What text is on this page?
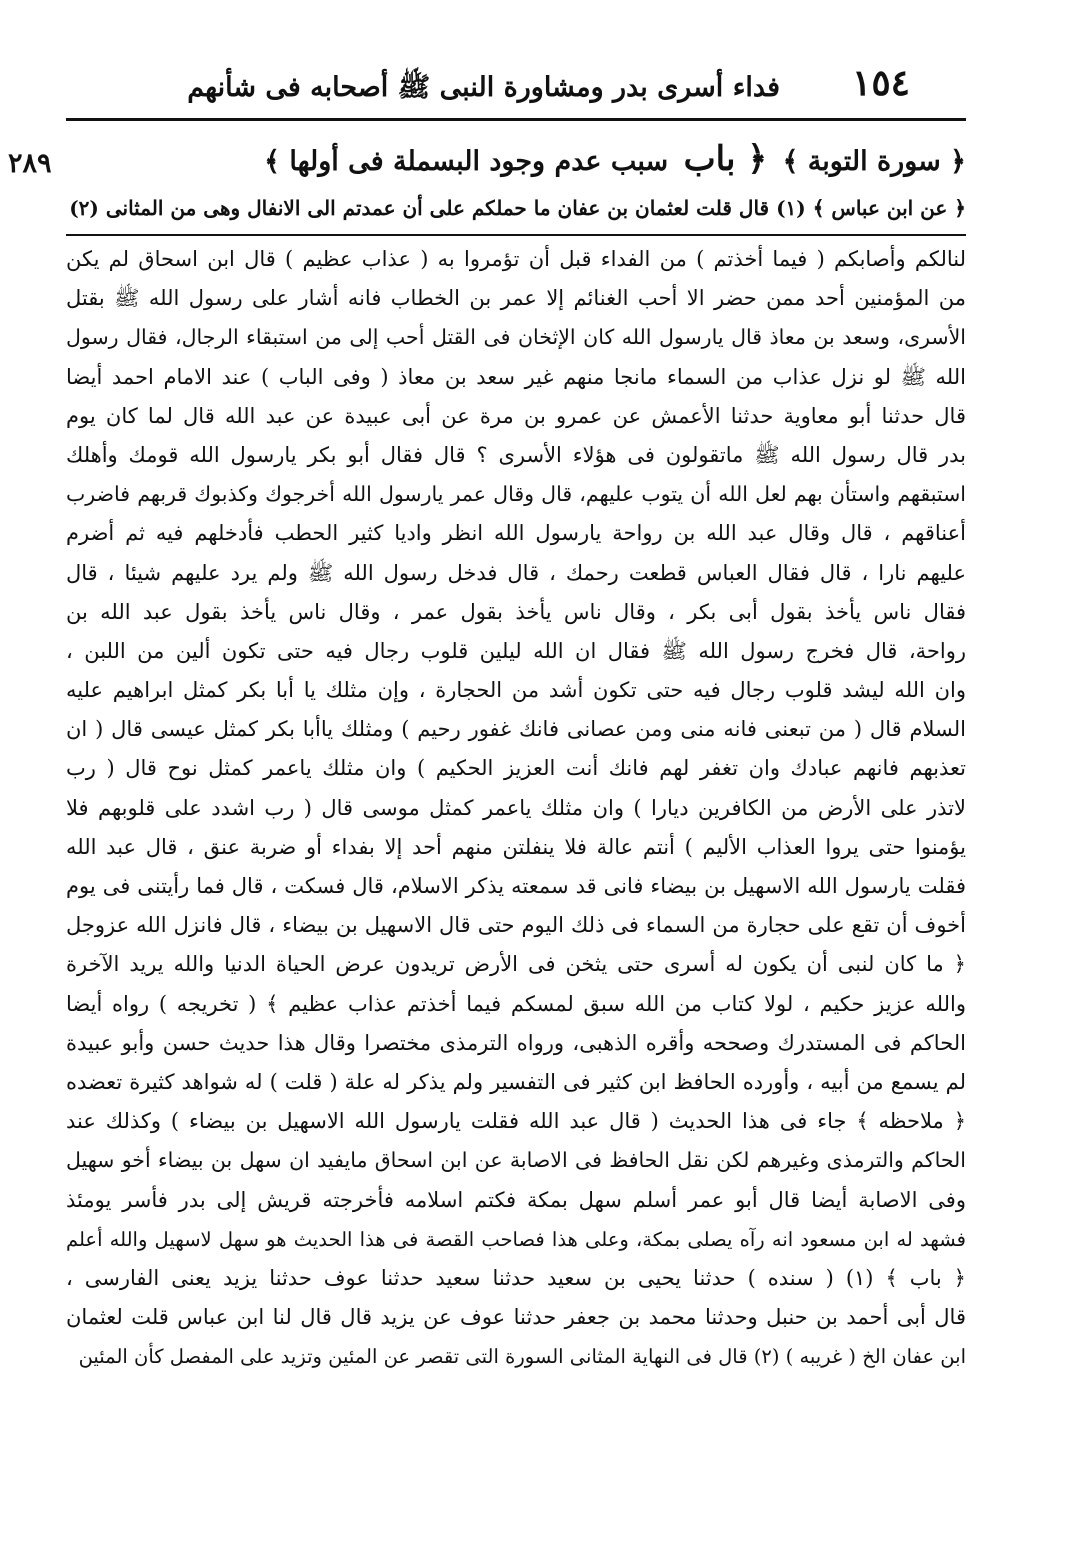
١٥٤
فداء أسرى بدر ومشاورة النبى ﷺ أصحابه فى شأنهم
٢٨٩	﴿ سورة التوبة ﴾ ﴿ باب سبب عدم وجود البسملة فى أولها ﴾
﴿ عن ابن عباس ﴾ (١) قال قلت لعثمان بن عفان ما حملكم على أن عمدتم الى الانفال وهى من المثانى (٢)
لنالكم وأصابكم ( فيما أخذتم ) من الفداء قبل أن تؤمروا به ( عذاب عظيم ) قال ابن اسحاق لم يكن
من المؤمنين أحد ممن حضر الا أحب الغنائم إلا عمر بن الخطاب فانه أشار على رسول الله ﷺ بقتل
الأسرى، وسعد بن معاذ قال يارسول الله كان الإثخان فى القتل أحب إلى من استبقاء الرجال، فقال رسول
الله ﷺ لو نزل عذاب من السماء مانجا منهم غير سعد بن معاذ ( وفى الباب ) عند الامام احمد أيضا
قال حدثنا أبو معاوية حدثنا الأعمش عن عمرو بن مرة عن أبى عبيدة عن عبد الله قال لما كان يوم
بدر قال رسول الله ﷺ ماتقولون فى هؤلاء الأسرى ؟ قال فقال أبو بكر يارسول الله قومك وأهلك
استبقهم واستأن بهم لعل الله أن يتوب عليهم، قال وقال عمر يارسول الله أخرجوك وكذبوك قربهم فاضرب
أعناقهم ، قال وقال عبد الله بن رواحة يارسول الله انظر واديا كثير الحطب فأدخلهم فيه ثم أضرم
عليهم نارا ، قال فقال العباس قطعت رحمك ، قال فدخل رسول الله ﷺ ولم يرد عليهم شيئا ، قال
فقال ناس يأخذ بقول أبى بكر ، وقال ناس يأخذ بقول عمر ، وقال ناس يأخذ بقول عبد الله بن
رواحة، قال فخرج رسول الله ﷺ فقال ان الله ليلين قلوب رجال فيه حتى تكون ألين من اللبن ،
وان الله ليشد قلوب رجال فيه حتى تكون أشد من الحجارة ، وإن مثلك يا أبا بكر كمثل ابراهيم عليه
السلام قال ( من تبعنى فانه منى ومن عصانى فانك غفور رحيم ) ومثلك ياأبا بكر كمثل عيسى قال ( ان
تعذبهم فانهم عبادك وان تغفر لهم فانك أنت العزيز الحكيم ) وان مثلك ياعمر كمثل نوح قال ( رب
لاتذر على الأرض من الكافرين ديارا ) وان مثلك ياعمر كمثل موسى قال ( رب اشدد على قلوبهم فلا
يؤمنوا حتى يروا العذاب الأليم ) أنتم عالة فلا ينفلتن منهم أحد إلا بفداء أو ضربة عنق ، قال عبد الله
فقلت يارسول الله الاسهيل بن بيضاء فانى قد سمعته يذكر الاسلام، قال فسكت ، قال فما رأيتنى فى يوم
أخوف أن تقع على حجارة من السماء فى ذلك اليوم حتى قال الاسهيل بن بيضاء ، قال فانزل الله عزوجل
﴿ ما كان لنبى أن يكون له أسرى حتى يثخن فى الأرض تريدون عرض الحياة الدنيا والله يريد الآخرة
والله عزيز حكيم ، لولا كتاب من الله سبق لمسكم فيما أخذتم عذاب عظيم ﴾ ( تخريجه ) رواه أيضا
الحاكم فى المستدرك وصححه وأقره الذهبى، ورواه الترمذى مختصرا وقال هذا حديث حسن وأبو عبيدة
لم يسمع من أبيه ، وأورده الحافظ ابن كثير فى التفسير ولم يذكر له علة ( قلت ) له شواهد كثيرة تعضده
﴿ ملاحظه ﴾ جاء فى هذا الحديث ( قال عبد الله فقلت يارسول الله الاسهيل بن بيضاء ) وكذلك عند
الحاكم والترمذى وغيرهم لكن نقل الحافظ فى الاصابة عن ابن اسحاق مايفيد ان سهل بن بيضاء أخو سهيل
وفى الاصابة أيضا قال أبو عمر أسلم سهل بمكة فكتم اسلامه فأخرجته قريش إلى بدر فأسر يومئذ
فشهد له ابن مسعود انه رآه يصلى بمكة، وعلى هذا فصاحب القصة فى هذا الحديث هو سهل لاسهيل والله أعلم
﴿ باب ﴾ (١) ( سنده ) حدثنا يحيى بن سعيد حدثنا سعيد حدثنا عوف حدثنا يزيد يعنى الفارسى ،
قال أبى أحمد بن حنبل وحدثنا محمد بن جعفر حدثنا عوف عن يزيد قال قال لنا ابن عباس قلت لعثمان
ابن عفان الخ ( غريبه ) (٢) قال فى النهاية المثانى السورة التى تقصر عن المئين وتزيد على المفصل كأن المئين
